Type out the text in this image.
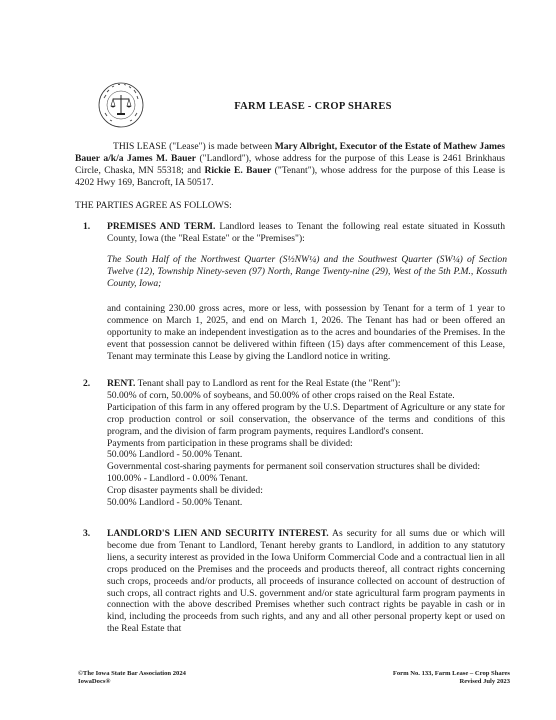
FARM LEASE - CROP SHARES
THIS LEASE ("Lease") is made between Mary Albright, Executor of the Estate of Mathew James Bauer a/k/a James M. Bauer ("Landlord"), whose address for the purpose of this Lease is 2461 Brinkhaus Circle, Chaska, MN 55318; and Rickie E. Bauer ("Tenant"), whose address for the purpose of this Lease is 4202 Hwy 169, Bancroft, IA 50517.
THE PARTIES AGREE AS FOLLOWS:
1. PREMISES AND TERM. Landlord leases to Tenant the following real estate situated in Kossuth County, Iowa (the "Real Estate" or the "Premises"):
The South Half of the Northwest Quarter (S½NW¼) and the Southwest Quarter (SW¼) of Section Twelve (12), Township Ninety-seven (97) North, Range Twenty-nine (29), West of the 5th P.M., Kossuth County, Iowa;
and containing 230.00 gross acres, more or less, with possession by Tenant for a term of 1 year to commence on March 1, 2025, and end on March 1, 2026. The Tenant has had or been offered an opportunity to make an independent investigation as to the acres and boundaries of the Premises. In the event that possession cannot be delivered within fifteen (15) days after commencement of this Lease, Tenant may terminate this Lease by giving the Landlord notice in writing.
2. RENT. Tenant shall pay to Landlord as rent for the Real Estate (the "Rent"):
50.00% of corn, 50.00% of soybeans, and 50.00% of other crops raised on the Real Estate.
Participation of this farm in any offered program by the U.S. Department of Agriculture or any state for crop production control or soil conservation, the observance of the terms and conditions of this program, and the division of farm program payments, requires Landlord's consent.
Payments from participation in these programs shall be divided:
50.00% Landlord - 50.00% Tenant.
Governmental cost-sharing payments for permanent soil conservation structures shall be divided:
100.00% - Landlord - 0.00% Tenant.
Crop disaster payments shall be divided:
50.00% Landlord - 50.00% Tenant.
3. LANDLORD'S LIEN AND SECURITY INTEREST. As security for all sums due or which will become due from Tenant to Landlord, Tenant hereby grants to Landlord, in addition to any statutory liens, a security interest as provided in the Iowa Uniform Commercial Code and a contractual lien in all crops produced on the Premises and the proceeds and products thereof, all contract rights concerning such crops, proceeds and/or products, all proceeds of insurance collected on account of destruction of such crops, all contract rights and U.S. government and/or state agricultural farm program payments in connection with the above described Premises whether such contract rights be payable in cash or in kind, including the proceeds from such rights, and any and all other personal property kept or used on the Real Estate that
©The Iowa State Bar Association 2024
IowaDocs®
Form No. 133, Farm Lease – Crop Shares
Revised July 2023
